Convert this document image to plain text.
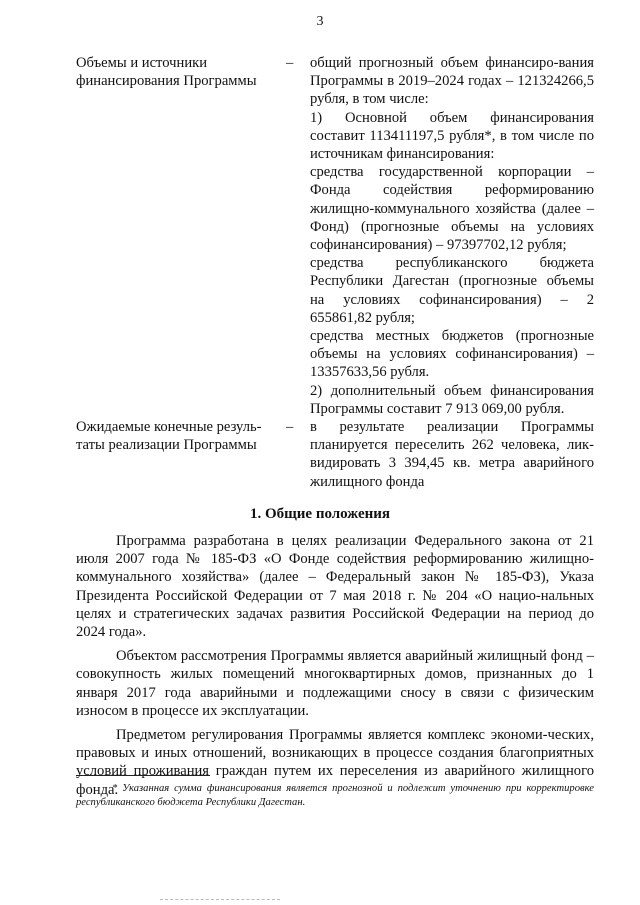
3
Объемы и источники финансирования Программы
–	общий прогнозный объем финансиро-вания Программы в 2019–2024 годах – 121324266,5 рубля, в том числе:

1) Основной объем финансирования составит 113411197,5 рубля*, в том числе по источникам финансирования:

средства государственной корпорации – Фонда содействия реформированию жилищно-коммунального хозяйства (далее – Фонд) (прогнозные объемы на условиях софинансирования) – 97397702,12 рубля;

средства республиканского бюджета Республики Дагестан (прогнозные объемы на условиях софинансирования) – 2 655861,82 рубля;

средства местных бюджетов (прогнозные объемы на условиях софинансирования) – 13357633,56 рубля.

2) дополнительный объем финансирования Программы составит 7 913 069,00 рубля.

Ожидаемые конечные резуль-таты реализации Программы
–	в результате реализации Программы планируется переселить 262 человека, лик-видировать 3 394,45 кв. метра аварийного жилищного фонда
1. Общие положения

Программа разработана в целях реализации Федерального закона от 21 июля 2007 года № 185-ФЗ «О Фонде содействия реформированию жилищно-коммунального хозяйства» (далее – Федеральный закон № 185-ФЗ), Указа Президента Российской Федерации от 7 мая 2018 г. № 204 «О нацио-нальных целях и стратегических задачах развития Российской Федерации на период до 2024 года».

Объектом рассмотрения Программы является аварийный жилищный фонд – совокупность жилых помещений многоквартирных домов, признанных до 1 января 2017 года аварийными и подлежащими сносу в связи с физическим износом в процессе их эксплуатации.

Предметом регулирования Программы является комплекс экономи-ческих, правовых и иных отношений, возникающих в процессе создания благоприятных условий проживания граждан путем их переселения из аварийного жилищного фонда.

* Указанная сумма финансирования является прогнозной и подлежит уточнению при корректировке республиканского бюджета Республики Дагестан.
